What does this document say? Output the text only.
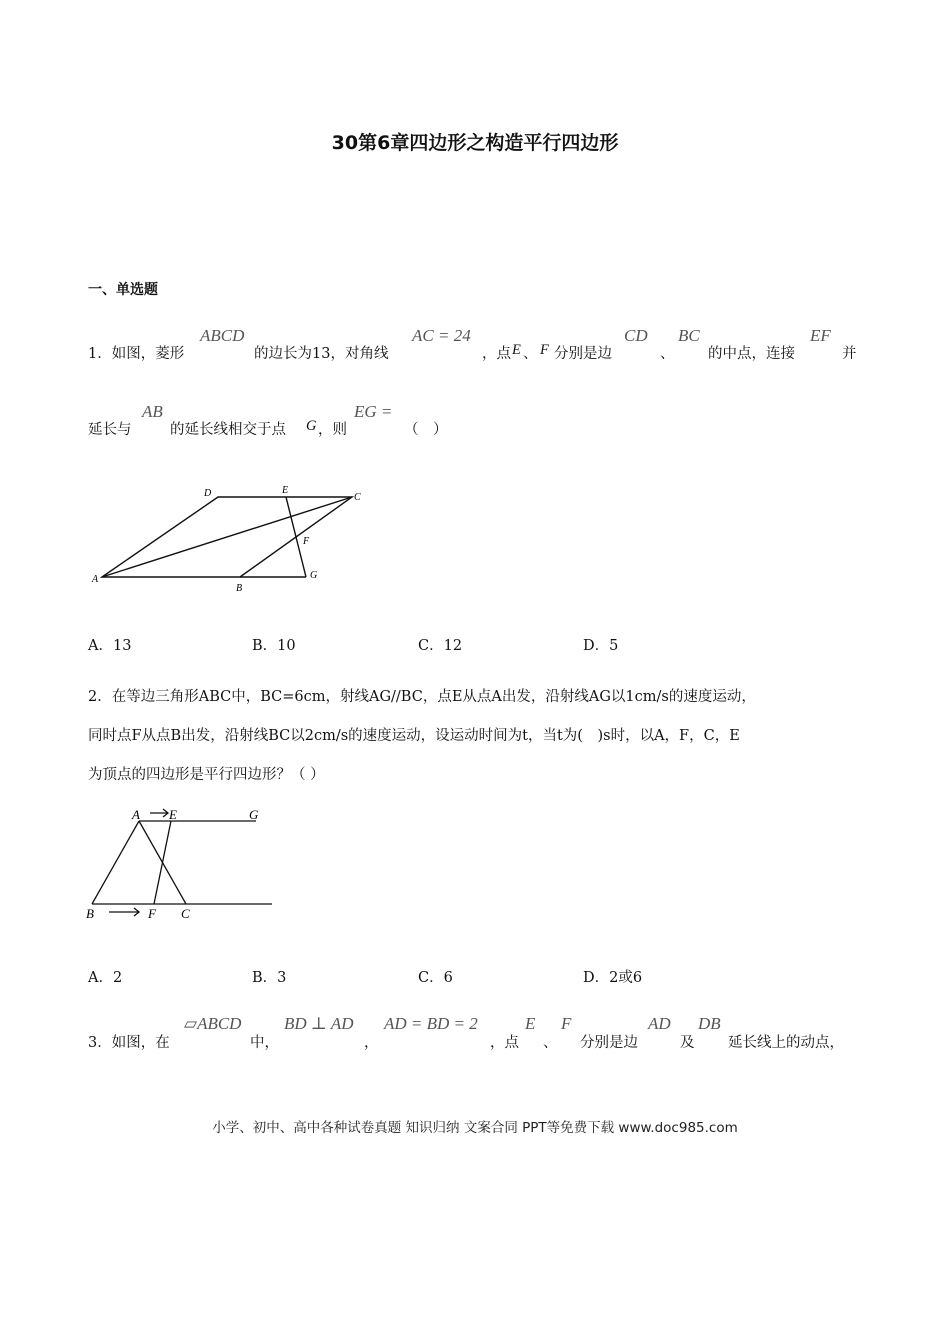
30第6章四边形之构造平行四边形
一、单选题
1．如图，菱形
ABCD
的边长为13，对角线
AC = 24
，点 E 、 F 分别是边
CD
、
BC
的中点，连接
EF
并
延长与
AB
的延长线相交于点 G ，则
EG =
（　）
A
B
C
D	E
F
G
A．13	B．10	C．12	D．5
2．在等边三角形ABC中，BC=6cm，射线AG//BC，点E从点A出发，沿射线AG以1cm/s的速度运动，
同时点F从点B出发，沿射线BC以2cm/s的速度运动，设运动时间为t，当t为(　)s时，以A，F，C，E
为顶点的四边形是平行四边形？（ ）
A E	G
B	F C
A．2	B．3	C．6	D．2或6
3．如图，在
▱ABCD
中，
BD ⊥ AD
，
AD = BD = 2
，点
E
、
F
分别是边
AD
及
DB
延长线上的动点，
小学、初中、高中各种试卷真题 知识归纳 文案合同 PPT等免费下载 www.doc985.com
